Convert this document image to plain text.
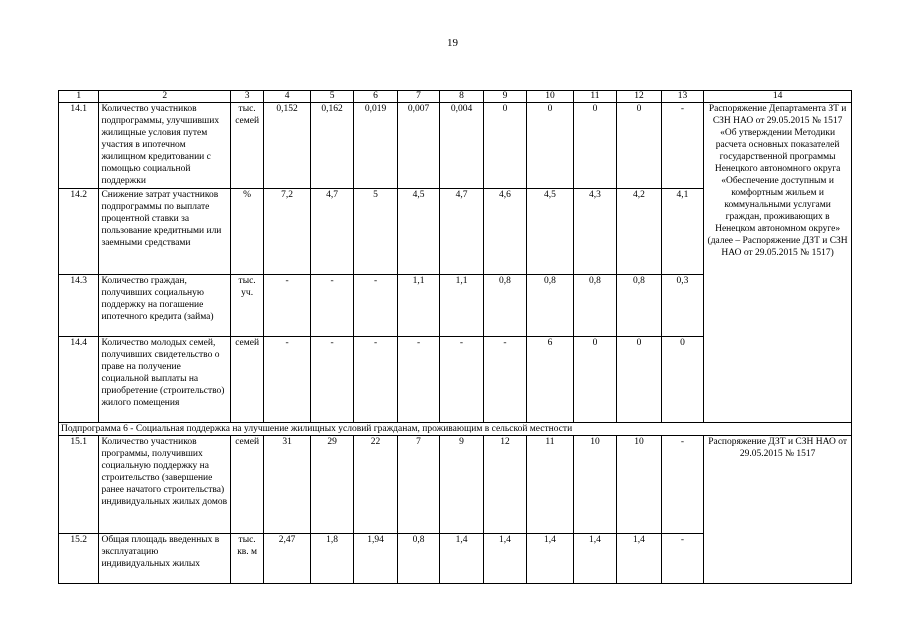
19
1	2	3	4	5	6	7	8	9	10	11	12	13	14
14.1	Количество участников подпрограммы, улучшивших жилищные условия путем участия в ипотечном жилищном кредитовании с помощью социальной поддержки	тыс. семей	0,152	0,162	0,019	0,007	0,004	0	0	0	0	-	Распоряжение Департамента ЗТ и СЗН НАО от 29.05.2015 № 1517 «Об утверждении Методики расчета основных показателей государственной программы Ненецкого автономного округа «Обеспечение доступным и комфортным жильем и коммунальными услугами граждан, проживающих в Ненецком автономном округе» (далее – Распоряжение ДЗТ и СЗН НАО от 29.05.2015 № 1517)
14.2	Снижение затрат участников подпрограммы по выплате процентной ставки за пользование кредитными или заемными средствами	%	7,2	4,7	5	4,5	4,7	4,6	4,5	4,3	4,2	4,1	
14.3	Количество граждан, получивших социальную поддержку на погашение ипотечного кредита (займа)	тыс. уч.	-	-	-	1,1	1,1	0,8	0,8	0,8	0,8	0,3	
14.4	Количество молодых семей, получивших свидетельство о праве на получение социальной выплаты на приобретение (строительство) жилого помещения	семей	-	-	-	-	-	-	6	0	0	0	
Подпрограмма 6 - Социальная поддержка на улучшение жилищных условий гражданам, проживающим в сельской местности													
15.1	Количество участников программы, получивших социальную поддержку на строительство (завершение ранее начатого строительства) индивидуальных жилых домов	семей	31	29	22	7	9	12	11	10	10	-	Распоряжение ДЗТ и СЗН НАО от 29.05.2015 № 1517
15.2	Общая площадь введенных в эксплуатацию индивидуальных жилых	тыс. кв. м	2,47	1,8	1,94	0,8	1,4	1,4	1,4	1,4	1,4	-	
